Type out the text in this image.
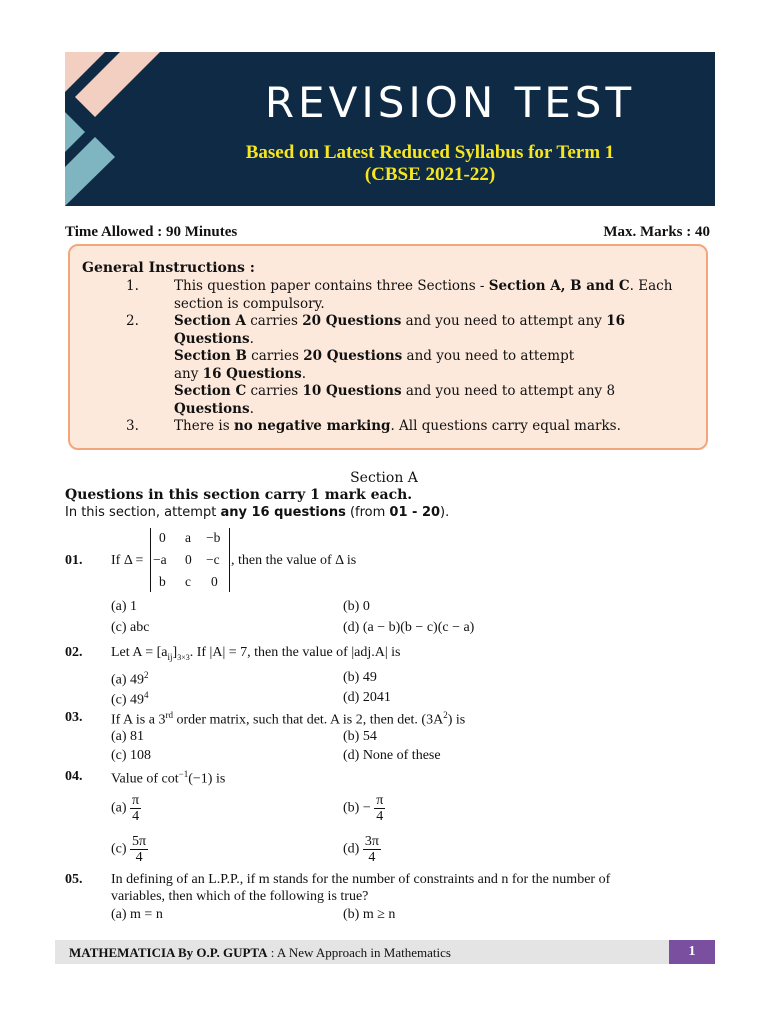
REVISION TEST
Based on Latest Reduced Syllabus for Term 1
(CBSE 2021-22)
Time Allowed : 90 Minutes	Max. Marks : 40
General Instructions :
1.	This question paper contains three Sections - Section A, B and C. Each
section is compulsory.
2.	Section A carries 20 Questions and you need to attempt any 16
Questions.
Section B carries 20 Questions and you need to attempt
any 16 Questions.
Section C carries 10 Questions and you need to attempt any 8
Questions.
3.	There is no negative marking. All questions carry equal marks.
Section A
Questions in this section carry 1 mark each.
In this section, attempt any 16 questions (from 01 - 20).
01. If Δ =
0 a −b
−a 0 −c
b c 0
, then the value of Δ is
(a) 1	(b) 0
(c) abc	(d) (a − b)(b − c)(c − a)
02. Let $A = [a_{ij}]_{3\times 3}$. If |A| = 7, then the value of |adj.A| is
(a) $49^2$	(b) 49
(c) $49^4$	(d) 2041
03. If A is a 3rd order matrix, such that det. A is 2, then det. $(3A^2)$ is
(a) 81	(b) 54
(c) 108	(d) None of these
04. Value of $\cot^{-1}(-1)$ is
$(a) \frac{\pi}{4}$	$(b) - \frac{\pi}{4}$
$(c) \frac{5\pi}{4}$	$(d) \frac{3\pi}{4}$
05. In defining of an L.P.P., if m stands for the number of constraints and n for the number of
variables, then which of the following is true?
(a) m = n	(b) m ≥ n
MATHEMATICIA By O.P. GUPTA : A New Approach in Mathematics	1
